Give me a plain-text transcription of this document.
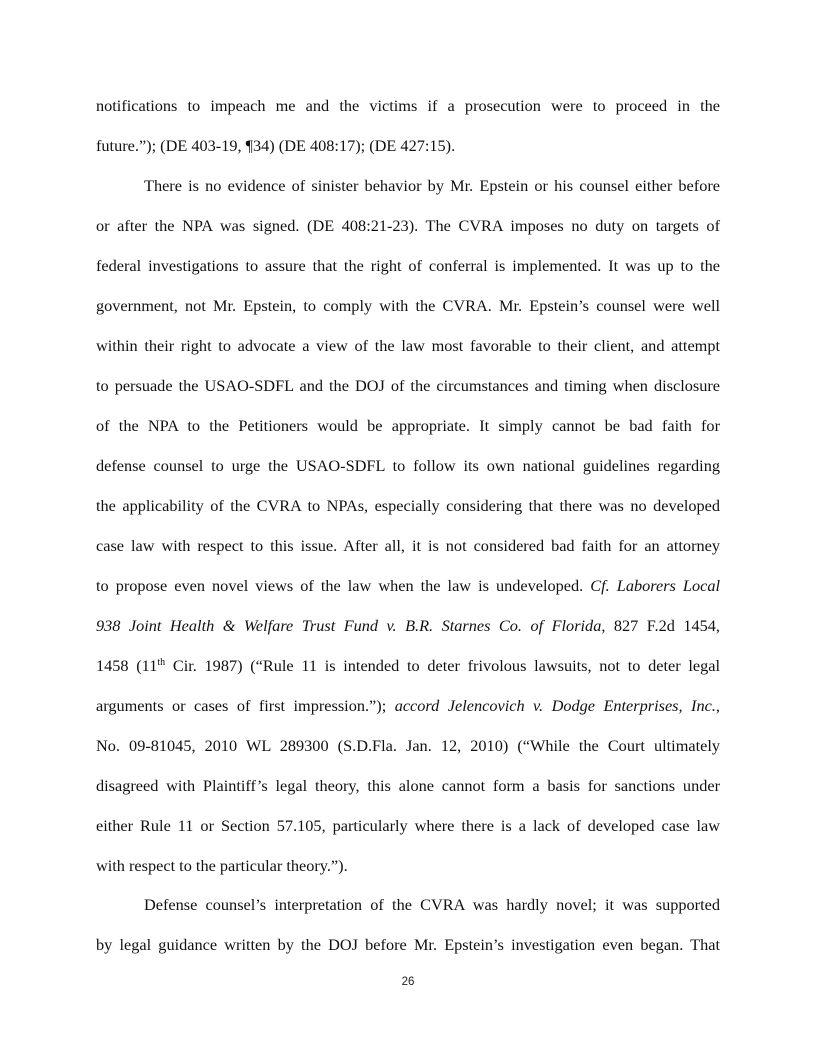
notifications to impeach me and the victims if a prosecution were to proceed in the
future.”); (DE 403-19, ¶34) (DE 408:17); (DE 427:15).
There is no evidence of sinister behavior by Mr. Epstein or his counsel either before
or after the NPA was signed. (DE 408:21-23). The CVRA imposes no duty on targets of
federal investigations to assure that the right of conferral is implemented. It was up to the
government, not Mr. Epstein, to comply with the CVRA. Mr. Epstein’s counsel were well
within their right to advocate a view of the law most favorable to their client, and attempt
to persuade the USAO-SDFL and the DOJ of the circumstances and timing when disclosure
of the NPA to the Petitioners would be appropriate. It simply cannot be bad faith for
defense counsel to urge the USAO-SDFL to follow its own national guidelines regarding
the applicability of the CVRA to NPAs, especially considering that there was no developed
case law with respect to this issue. After all, it is not considered bad faith for an attorney
to propose even novel views of the law when the law is undeveloped. Cf. Laborers Local
938 Joint Health & Welfare Trust Fund v. B.R. Starnes Co. of Florida, 827 F.2d 1454,
1458 (11th Cir. 1987) (“Rule 11 is intended to deter frivolous lawsuits, not to deter legal
arguments or cases of first impression.”); accord Jelencovich v. Dodge Enterprises, Inc.,
No. 09-81045, 2010 WL 289300 (S.D.Fla. Jan. 12, 2010) (“While the Court ultimately
disagreed with Plaintiff’s legal theory, this alone cannot form a basis for sanctions under
either Rule 11 or Section 57.105, particularly where there is a lack of developed case law
with respect to the particular theory.”).
Defense counsel’s interpretation of the CVRA was hardly novel; it was supported
by legal guidance written by the DOJ before Mr. Epstein’s investigation even began. That
26
